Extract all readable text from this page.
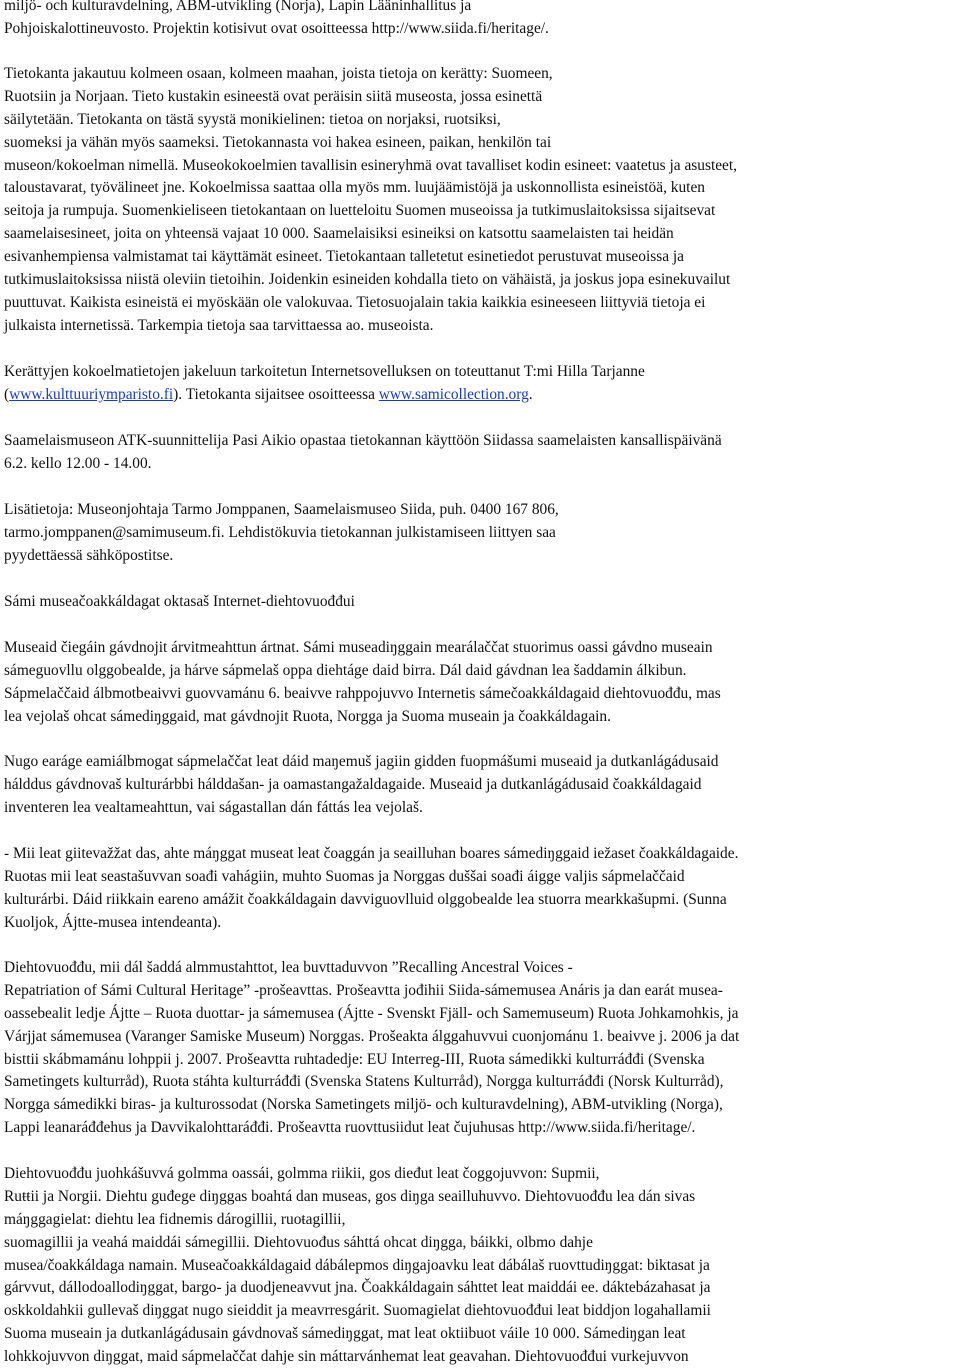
miljö- och kulturavdelning, ABM-utvikling (Norja), Lapin Lääninhallitus ja
Pohjoiskalottineuvosto. Projektin kotisivut ovat osoitteessa http://www.siida.fi/heritage/.
Tietokanta jakautuu kolmeen osaan, kolmeen maahan, joista tietoja on kerätty: Suomeen,
Ruotsiin ja Norjaan. Tieto kustakin esineestä ovat peräisin siitä museosta, jossa esinettä
säilytetään. Tietokanta on tästä syystä monikielinen: tietoa on norjaksi, ruotsiksi,
suomeksi ja vähän myös saameksi. Tietokannasta voi hakea esineen, paikan, henkilön tai
museon/kokoelman nimellä. Museokokoelmien tavallisin esineryhmä ovat tavalliset kodin esineet: vaatetus ja asusteet,
taloustavarat, työvälineet jne. Kokoelmissa saattaa olla myös mm. luujäämistöjä ja uskonnollista esineistöä, kuten
seitoja ja rumpuja. Suomenkieliseen tietokantaan on luetteloitu Suomen museoissa ja tutkimuslaitoksissa sijaitsevat
saamelaisesineet, joita on yhteensä vajaat 10 000. Saamelaisiksi esineiksi on katsottu saamelaisten tai heidän
esivanhempiensa valmistamat tai käyttämät esineet. Tietokantaan talletetut esinetiedot perustuvat museoissa ja
tutkimuslaitoksissa niistä oleviin tietoihin. Joidenkin esineiden kohdalla tieto on vähäistä, ja joskus jopa esinekuvailut
puuttuvat. Kaikista esineistä ei myöskään ole valokuvaa. Tietosuojalain takia kaikkia esineeseen liittyviä tietoja ei
julkaista internetissä. Tarkempia tietoja saa tarvittaessa ao. museoista.
Kerättyjen kokoelmatietojen jakeluun tarkoitetun Internetsovelluksen on toteuttanut T:mi Hilla Tarjanne
(www.kulttuuriymparisto.fi). Tietokanta sijaitsee osoitteessa www.samicollection.org.
Saamelaismuseon ATK-suunnittelija Pasi Aikio opastaa tietokannan käyttöön Siidassa saamelaisten kansallispäivänä
6.2. kello 12.00 - 14.00.
Lisätietoja: Museonjohtaja Tarmo Jomppanen, Saamelaismuseo Siida, puh. 0400 167 806,
tarmo.jomppanen@samimuseum.fi. Lehdistökuvia tietokannan julkistamiseen liittyen saa
pyydettäessä sähköpostitse.
Sámi museačoakkáldagat oktasaš Internet-diehtovuođđui
Museaid čiegáin gávdnojit árvitmeahttun ártnat. Sámi museadiŋggain mearálaččat stuorimus oassi gávdno museain
sámeguovllu olggobealde, ja hárve sápmelaš oppa diehtáge daid birra. Dál daid gávdnan lea šaddamin álkibun.
Sápmelaččaid álbmotbeaivvi guovvamánu 6. beaivve rahppojuvvo Internetis sámečoakkáldagaid diehtovuođđu, mas
lea vejolaš ohcat sámediŋggaid, mat gávdnojit Ruoŧa, Norgga ja Suoma museain ja čoakkáldagain.
Nugo earáge eamiálbmogat sápmelaččat leat dáid maŋemuš jagiin gidden fuopmášumi museaid ja dutkanlágádusaid
hálddus gávdnovaš kulturárbbi hálddašan- ja oamastangažaldagaide. Museaid ja dutkanlágádusaid čoakkáldagaid
inventeren lea vealtameahttun, vai ságastallan dán fáttás lea vejolaš.
- Mii leat giitevažžat das, ahte máŋggat museat leat čoaggán ja seailluhan boares sámediŋggaid iežaset čoakkáldagaide.
Ruoŧas mii leat seastašuvvan soađi vahágiin, muhto Suomas ja Norggas duššai soađi áigge valjis sápmelaččaid
kulturárbi. Dáid riikkain eareno amážit čoakkáldagain davviguovlluid olggobealde lea stuorra mearkkašupmi. (Sunna
Kuoljok, Ájtte-musea intendeanta).
Diehtovuođđu, mii dál šaddá almmustahttot, lea buvttaduvvon ”Recalling Ancestral Voices -
Repatriation of Sámi Cultural Heritage” -prošeavttas. Prošeavtta jođihii Siida-sámemusea Anáris ja dan earát musea-
oassebealit ledje Ájtte – Ruoŧa duottar- ja sámemusea (Ájtte - Svenskt Fjäll- och Samemuseum) Ruoŧa Johkamohkis, ja
Várjjat sámemusea (Varanger Samiske Museum) Norggas. Prošeakta álggahuvvui cuonjománu 1. beaivve j. 2006 ja dat
bisttii skábmamánu lohppii j. 2007. Prošeavtta ruhtadedje: EU Interreg-III, Ruoŧa sámedikki kulturráđđi (Svenska
Sametingets kulturråd), Ruoŧa stáhta kulturráđđi (Svenska Statens Kulturråd), Norgga kulturráđđi (Norsk Kulturråd),
Norgga sámedikki biras- ja kulturossodat (Norska Sametingets miljö- och kulturavdelning), ABM-utvikling (Norga),
Lappi leanaráđđehus ja Davvikalohttaráđđi. Prošeavtta ruovttusiidut leat čujuhusas http://www.siida.fi/heritage/.
Diehtovuođđu juohkášuvvá golmma oassái, golmma riikii, gos dieđut leat čoggojuvvon: Supmii,
Ruŧŧii ja Norgii. Diehtu guđege diŋggas boahtá dan museas, gos diŋga seailluhuvvo. Diehtovuođđu lea dán sivas
máŋggagielat: diehtu lea fidnemis dárogillii, ruoŧagillii,
suomagillii ja veahá maiddái sámegillii. Diehtovuođus sáhttá ohcat diŋgga, báikki, olbmo dahje
musea/čoakkáldaga namain. Museačoakkáldagaid dábálepmos diŋgajoavku leat dábálaš ruovttudiŋggat: biktasat ja
gárvvut, dállodoallodiŋggat, bargo- ja duodjeneavvut jna. Čoakkáldagain sáhttet leat maiddái ee. dáktebázahasat ja
oskkoldahkii gullevaš diŋggat nugo sieiddit ja meavrresgárit. Suomagielat diehtovuođđui leat biddjon logahallamii
Suoma museain ja dutkanlágádusain gávdnovaš sámediŋggat, mat leat oktiibuot váile 10 000. Sámediŋgan leat
lohkkojuvvon diŋggat, maid sápmelaččat dahje sin máttarvánhemat leat geavahan. Diehtovuođđui vurkejuvvon
